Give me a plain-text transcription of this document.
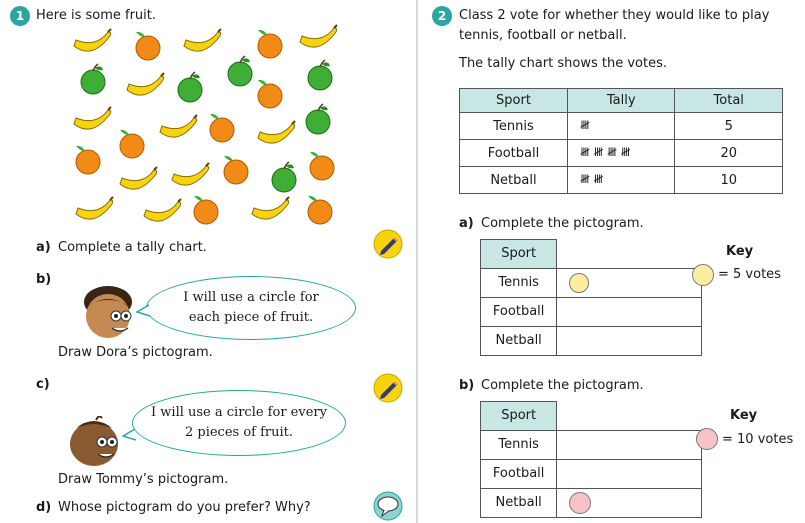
1 Here is some fruit.
a) Complete a tally chart.
b)
I will use a circle for each piece of fruit.
Draw Dora’s pictogram.
c)
I will use a circle for every 2 pieces of fruit.
Draw Tommy’s pictogram.
d) Whose pictogram do you prefer? Why?
2 Class 2 vote for whether they would like to play
tennis, football or netball.
The tally chart shows the votes.
Sport	Tally	Total
Tennis	𝍸	5
Football	𝍸 𝍸 𝍸 𝍸	20
Netball	𝍸 𝍸	10
a) Complete the pictogram.
Sport	
Tennis	
Football	
Netball	
Key
= 5 votes
b) Complete the pictogram.
Sport	
Tennis	
Football	
Netball	
Key
= 10 votes
